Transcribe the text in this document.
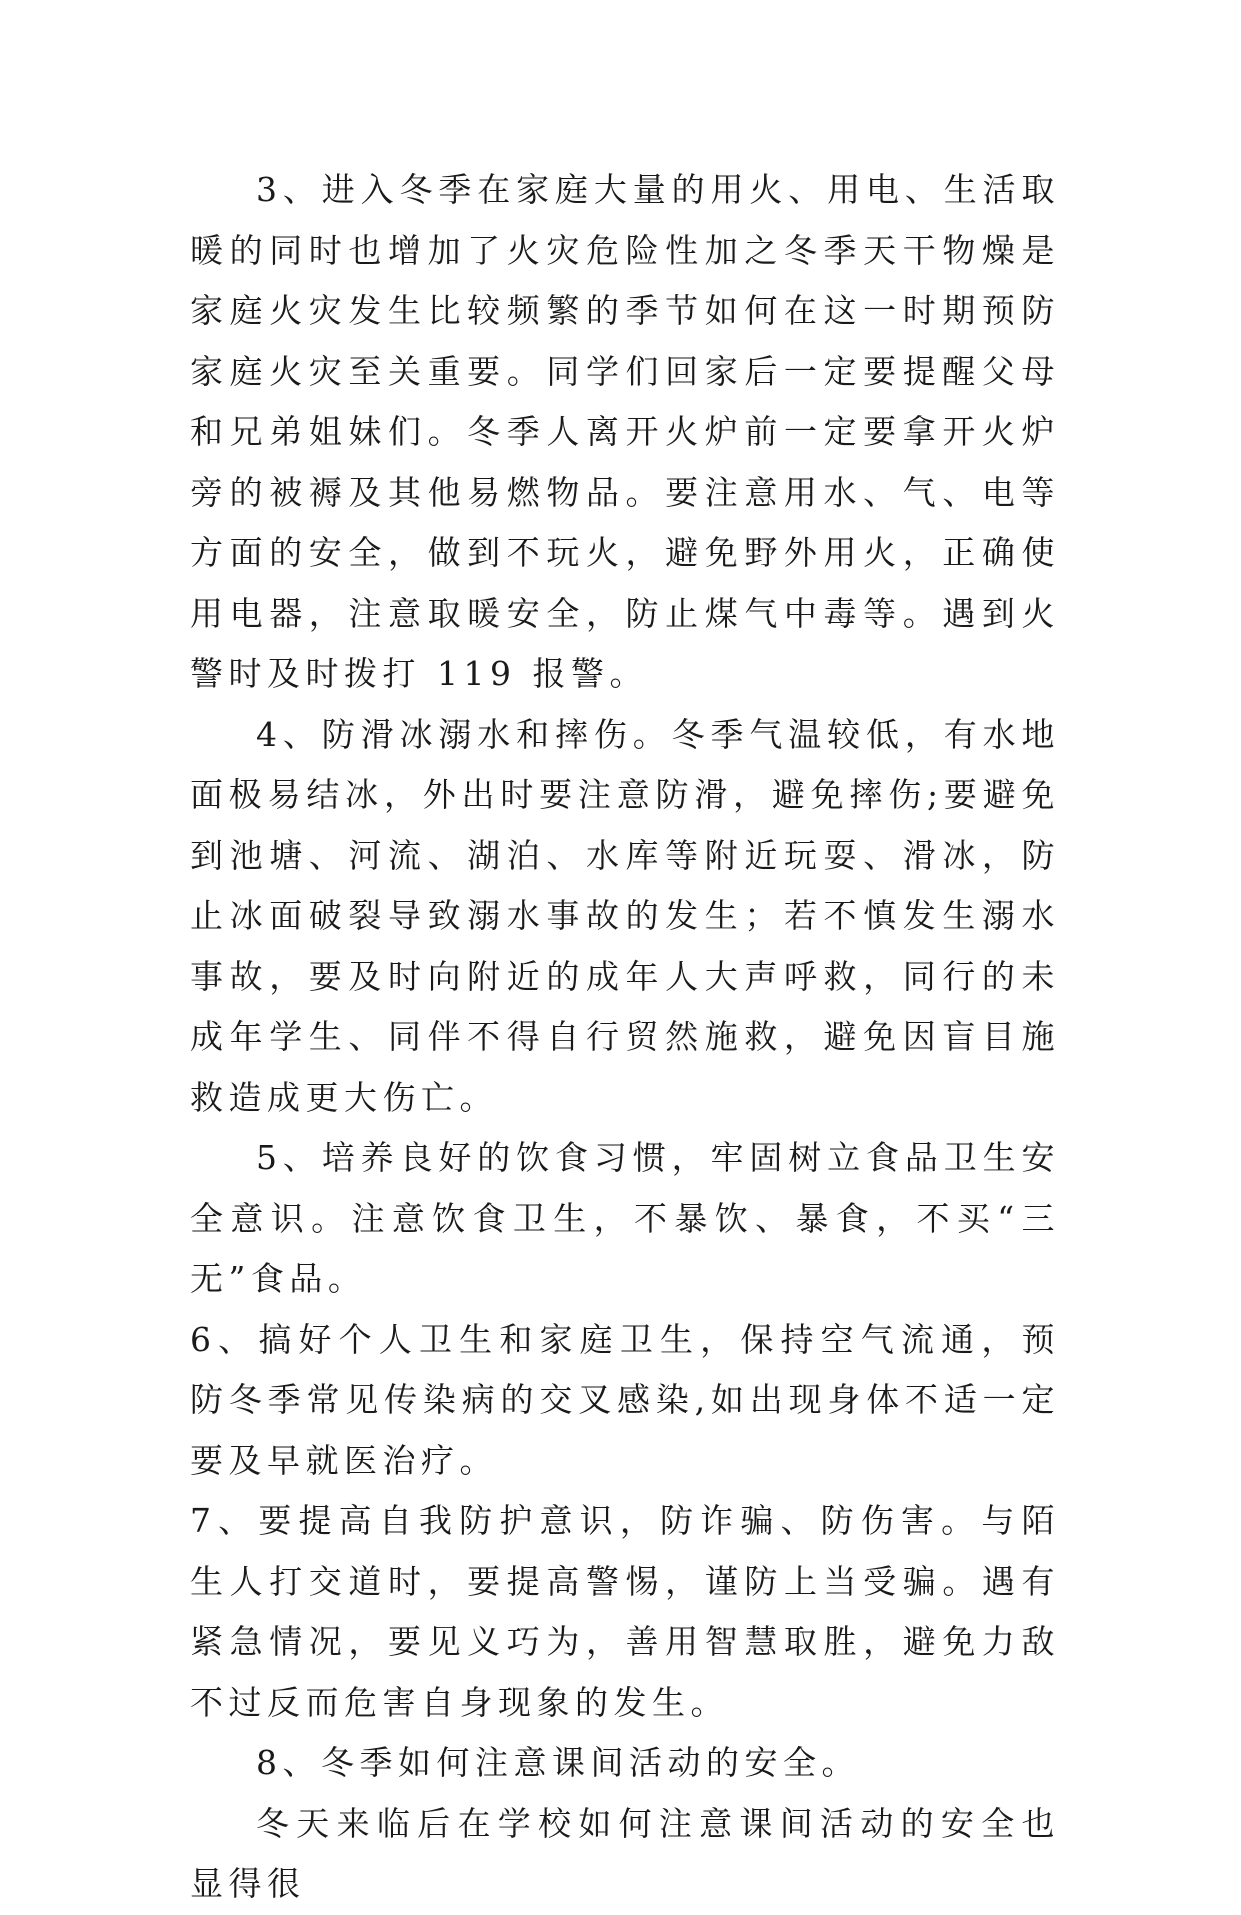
3、进入冬季在家庭大量的用火、用电、生活取暖的同时也增加了火灾危险性加之冬季天干物燥是家庭火灾发生比较频繁的季节如何在这一时期预防家庭火灾至关重要。同学们回家后一定要提醒父母和兄弟姐妹们。冬季人离开火炉前一定要拿开火炉旁的被褥及其他易燃物品。要注意用水、气、电等方面的安全，做到不玩火，避免野外用火，正确使用电器，注意取暖安全，防止煤气中毒等。遇到火警时及时拨打 119 报警。

4、防滑冰溺水和摔伤。冬季气温较低，有水地面极易结冰，外出时要注意防滑，避免摔伤;要避免到池塘、河流、湖泊、水库等附近玩耍、滑冰，防止冰面破裂导致溺水事故的发生；若不慎发生溺水事故，要及时向附近的成年人大声呼救，同行的未成年学生、同伴不得自行贸然施救，避免因盲目施救造成更大伤亡。

5、培养良好的饮食习惯，牢固树立食品卫生安全意识。注意饮食卫生，不暴饮、暴食，不买“三无”食品。

6、搞好个人卫生和家庭卫生，保持空气流通，预防冬季常见传染病的交叉感染,如出现身体不适一定要及早就医治疗。

7、要提高自我防护意识，防诈骗、防伤害。与陌生人打交道时，要提高警惕，谨防上当受骗。遇有紧急情况，要见义巧为，善用智慧取胜，避免力敌不过反而危害自身现象的发生。

8、冬季如何注意课间活动的安全。

冬天来临后在学校如何注意课间活动的安全也显得很
